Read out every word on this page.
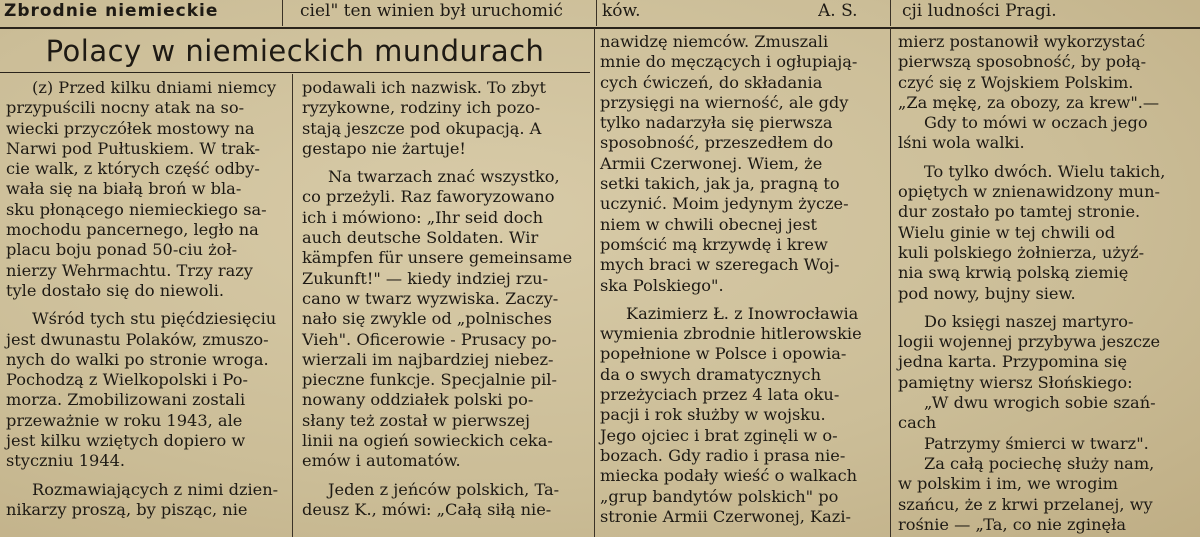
Zbrodnie niemieckie	ciel" ten winien był uruchomić	ków.	A. S.	cji ludności Pragi.
Polacy w niemieckich mundurach

(z) Przed kilku dniami niemcy

przypuścili nocny atak na so-

wiecki przyczółek mostowy na

Narwi pod Pułtuskiem. W trak-

cie walk, z których część odby-

wała się na białą broń w bla-

sku płonącego niemieckiego sa-

mochodu pancernego, legło na

placu boju ponad 50-ciu żoł-

nierzy Wehrmachtu. Trzy razy

tyle dostało się do niewoli.

Wśród tych stu pięćdziesięciu

jest dwunastu Polaków, zmuszo-

nych do walki po stronie wroga.

Pochodzą z Wielkopolski i Po-

morza. Zmobilizowani zostali

przeważnie w roku 1943, ale

jest kilku wziętych dopiero w

styczniu 1944.

Rozmawiających z nimi dzien-

nikarzy proszą, by pisząc, nie

podawali ich nazwisk. To zbyt

ryzykowne, rodziny ich pozo-

stają jeszcze pod okupacją. A

gestapo nie żartuje!

Na twarzach znać wszystko,

co przeżyli. Raz faworyzowano

ich i mówiono: „Ihr seid doch

auch deutsche Soldaten. Wir

kämpfen für unsere gemeinsame

Zukunft!" — kiedy indziej rzu-

cano w twarz wyzwiska. Zaczy-

nało się zwykle od „polnisches

Vieh". Oficerowie - Prusacy po-

wierzali im najbardziej niebez-

pieczne funkcje. Specjalnie pil-

nowany oddziałek polski po-

słany też został w pierwszej

linii na ogień sowieckich ceka-

emów i automatów.

Jeden z jeńców polskich, Ta-

deusz K., mówi: „Całą siłą nie-

nawidzę niemców. Zmuszali

mnie do męczących i ogłupiają-

cych ćwiczeń, do składania

przysięgi na wierność, ale gdy

tylko nadarzyła się pierwsza

sposobność, przeszedłem do

Armii Czerwonej. Wiem, że

setki takich, jak ja, pragną to

uczynić. Moim jedynym życze-

niem w chwili obecnej jest

pomścić mą krzywdę i krew

mych braci w szeregach Woj-

ska Polskiego".

Kazimierz Ł. z Inowrocławia

wymienia zbrodnie hitlerowskie

popełnione w Polsce i opowia-

da o swych dramatycznych

przeżyciach przez 4 lata oku-

pacji i rok służby w wojsku.

Jego ojciec i brat zginęli w o-

bozach. Gdy radio i prasa nie-

miecka podały wieść o walkach

„grup bandytów polskich" po

stronie Armii Czerwonej, Kazi-

mierz postanowił wykorzystać

pierwszą sposobność, by połą-

czyć się z Wojskiem Polskim.

„Za mękę, za obozy, za krew".—

Gdy to mówi w oczach jego

lśni wola walki.

To tylko dwóch. Wielu takich,

opiętych w znienawidzony mun-

dur zostało po tamtej stronie.

Wielu ginie w tej chwili od

kuli polskiego żołnierza, użyź-

nia swą krwią polską ziemię

pod nowy, bujny siew.

Do księgi naszej martyro-

logii wojennej przybywa jeszcze

jedna karta. Przypomina się

pamiętny wiersz Słońskiego:

„W dwu wrogich sobie szań-

cach

Patrzymy śmierci w twarz".

Za całą pociechę służy nam,

w polskim i im, we wrogim

szańcu, że z krwi przelanej, wy

rośnie — „Ta, co nie zginęła
